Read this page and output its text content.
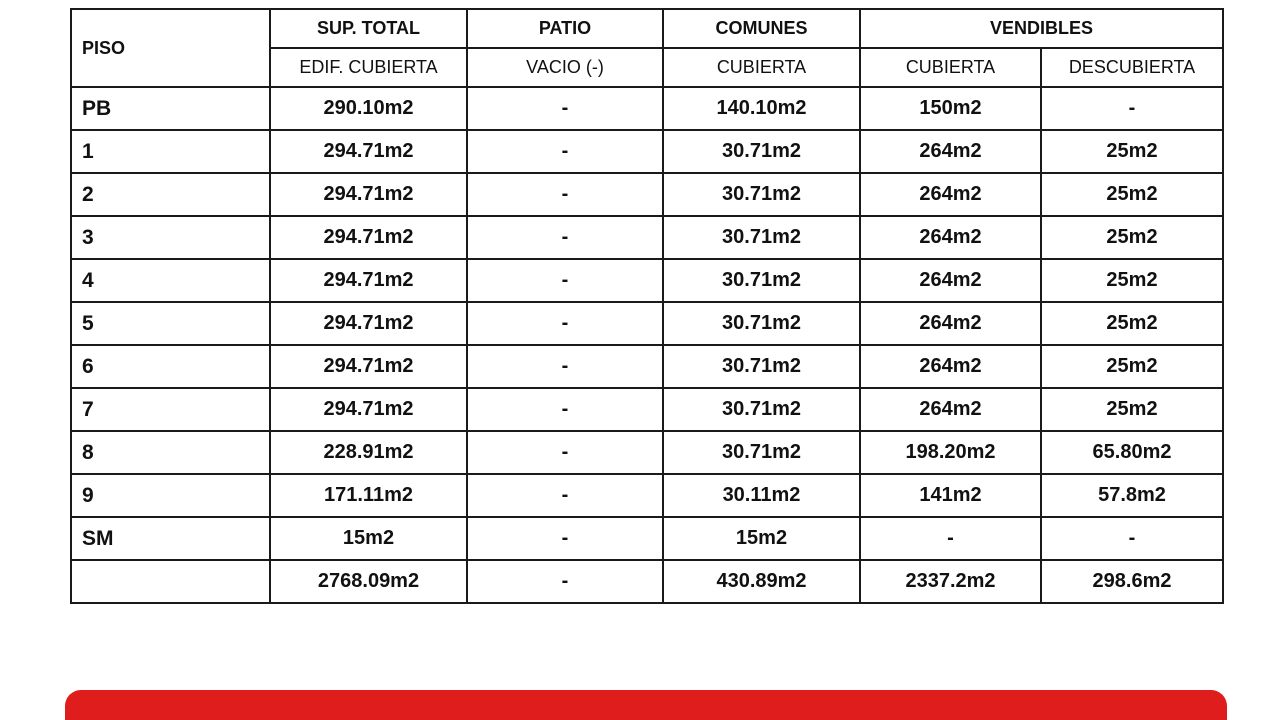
PISO	SUP. TOTAL	PATIO	COMUNES	VENDIBLES	
	EDIF. CUBIERTA	VACIO (-)	CUBIERTA	CUBIERTA	DESCUBIERTA
PB	290.10m2	-	140.10m2	150m2	-
1	294.71m2	-	30.71m2	264m2	25m2
2	294.71m2	-	30.71m2	264m2	25m2
3	294.71m2	-	30.71m2	264m2	25m2
4	294.71m2	-	30.71m2	264m2	25m2
5	294.71m2	-	30.71m2	264m2	25m2
6	294.71m2	-	30.71m2	264m2	25m2
7	294.71m2	-	30.71m2	264m2	25m2
8	228.91m2	-	30.71m2	198.20m2	65.80m2
9	171.11m2	-	30.11m2	141m2	57.8m2
SM	15m2	-	15m2	-	-
	2768.09m2	-	430.89m2	2337.2m2	298.6m2
